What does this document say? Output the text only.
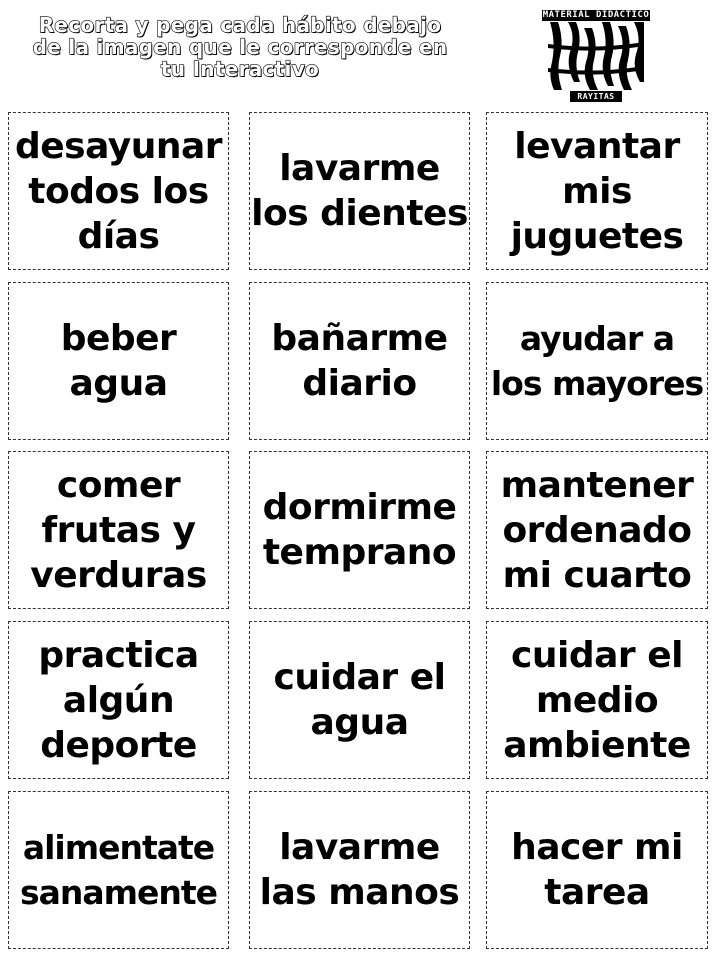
Recorta y pega cada hábito debajo
de la imagen que le corresponde en
tu Interactivo
MATERIAL DIDACTICO
RAYITAS
desayunar
todos los
días
lavarme
los dientes
levantar
mis
juguetes
beber
agua
bañarme
diario
ayudar a
los mayores
comer
frutas y
verduras
dormirme
temprano
mantener
ordenado
mi cuarto
practica
algún
deporte
cuidar el
agua
cuidar el
medio
ambiente
alimentate
sanamente
lavarme
las manos
hacer mi
tarea
